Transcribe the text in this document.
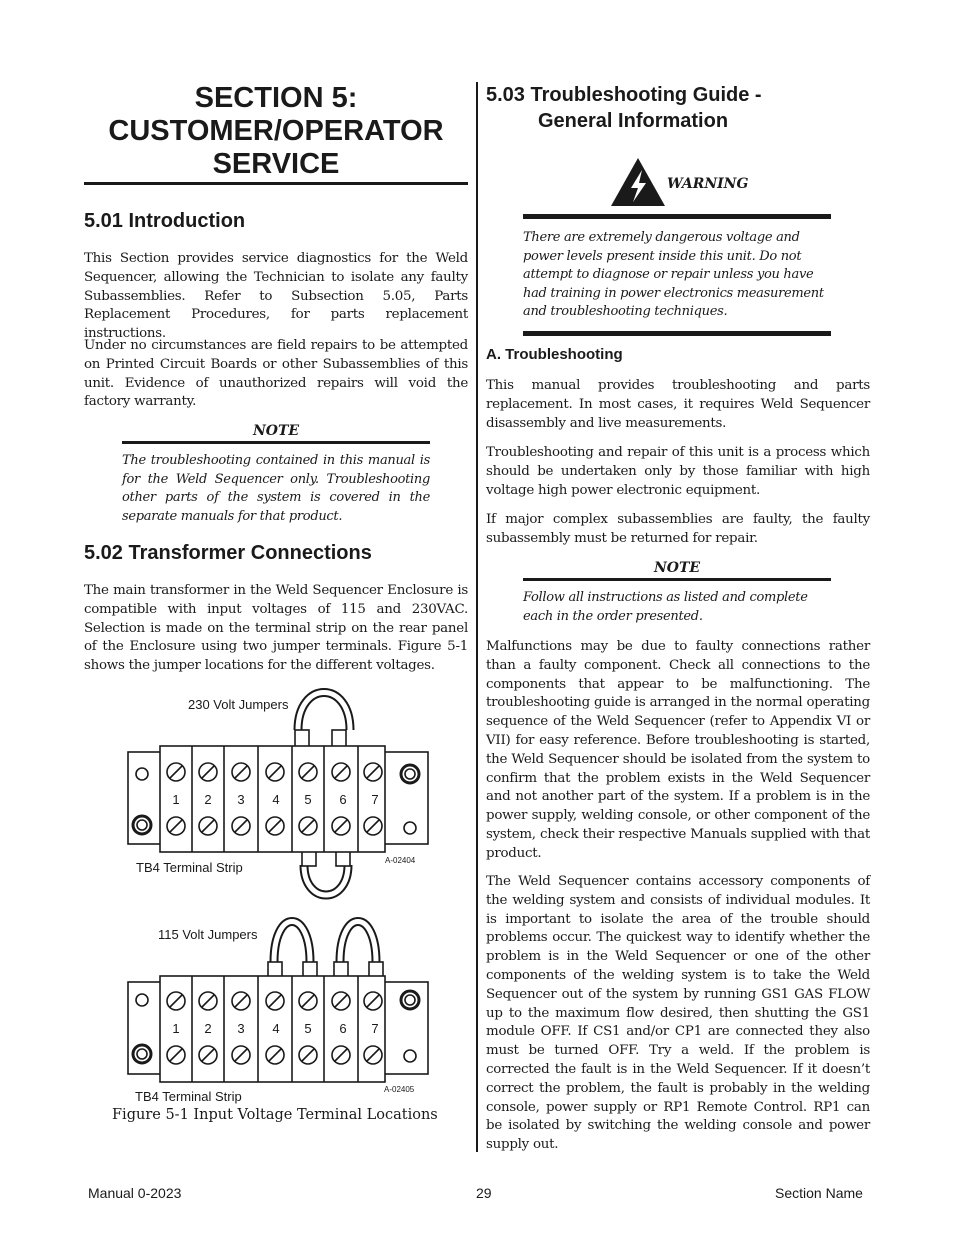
SECTION 5:
CUSTOMER/OPERATOR
SERVICE
5.01 Introduction

This Section provides service diagnostics for the Weld Sequencer, allowing the Technician to isolate any faulty Subassemblies. Refer to Subsection 5.05, Parts Replacement Procedures, for parts replacement instructions.

Under no circumstances are field repairs to be attempted on Printed Circuit Boards or other Subassemblies of this unit. Evidence of unauthorized repairs will void the factory warranty.

NOTE
The troubleshooting contained in this manual is for the Weld Sequencer only. Troubleshooting other parts of the system is covered in the separate manuals for that product.
5.02 Transformer Connections

The main transformer in the Weld Sequencer Enclosure is compatible with input voltages of 115 and 230VAC. Selection is made on the terminal strip on the rear panel of the Enclosure using two jumper terminals. Figure 5-1 shows the jumper locations for the different voltages.

230 Volt Jumpers
TB4 Terminal Strip	A-02404
115 Volt Jumpers
TB4 Terminal Strip	A-02405
1 2 3 4 5 6 7
1 2 3 4 5 6 7
Figure 5-1 Input Voltage Terminal Locations
5.03 Troubleshooting Guide -
General Information
WARNING
There are extremely dangerous voltage and power levels present inside this unit. Do not attempt to diagnose or repair unless you have had training in power electronics measurement and troubleshooting techniques.
A. Troubleshooting

This manual provides troubleshooting and parts replacement. In most cases, it requires Weld Sequencer disassembly and live measurements.

Troubleshooting and repair of this unit is a process which should be undertaken only by those familiar with high voltage high power electronic equipment.

If major complex subassemblies are faulty, the faulty subassembly must be returned for repair.

NOTE
Follow all instructions as listed and complete each in the order presented.

Malfunctions may be due to faulty connections rather than a faulty component. Check all connections to the components that appear to be malfunctioning. The troubleshooting guide is arranged in the normal operating sequence of the Weld Sequencer (refer to Appendix VI or VII) for easy reference. Before troubleshooting is started, the Weld Sequencer should be isolated from the system to confirm that the problem exists in the Weld Sequencer and not another part of the system. If a problem is in the power supply, welding console, or other component of the system, check their respective Manuals supplied with that product.

The Weld Sequencer contains accessory components of the welding system and consists of individual modules. It is important to isolate the area of the trouble should problems occur. The quickest way to identify whether the problem is in the Weld Sequencer or one of the other components of the welding system is to take the Weld Sequencer out of the system by running GS1 GAS FLOW up to the maximum flow desired, then shutting the GS1 module OFF. If CS1 and/or CP1 are connected they also must be turned OFF. Try a weld. If the problem is corrected the fault is in the Weld Sequencer. If it doesn’t correct the problem, the fault is probably in the welding console, power supply or RP1 Remote Control. RP1 can be isolated by switching the welding console and power supply out.

Manual 0-2023	29	Section Name
